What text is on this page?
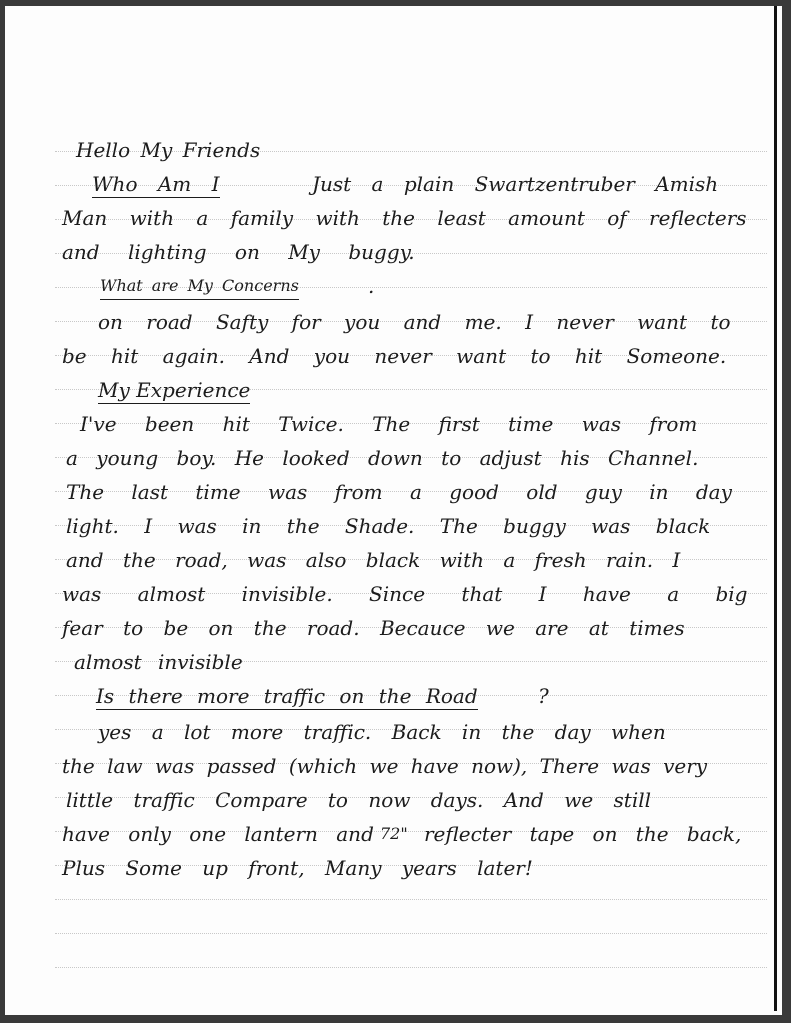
Hello My Friends
Who Am I	Just a plain Swartzentruber Amish
Man with a family with the least amount of reflecters
and lighting on My buggy.
What are My Concerns	.
on road Safty for you and me. I never want to
be hit again. And you never want to hit Someone.
My Experience
I've been hit Twice. The first time was from
a young boy. He looked down to adjust his Channel.
The last time was from a good old guy in day
light. I was in the Shade. The buggy was black
and the road, was also black with a fresh rain. I
was almost invisible. Since that I have a big
fear to be on the road. Becauce we are at times
almost invisible
Is there more traffic on the Road	?
yes a lot more traffic. Back in the day when
the law was passed (which we have now), There was very
little traffic Compare to now days. And we still
have only one lantern and 72" reflecter tape on the back,
Plus Some up front, Many years later!
